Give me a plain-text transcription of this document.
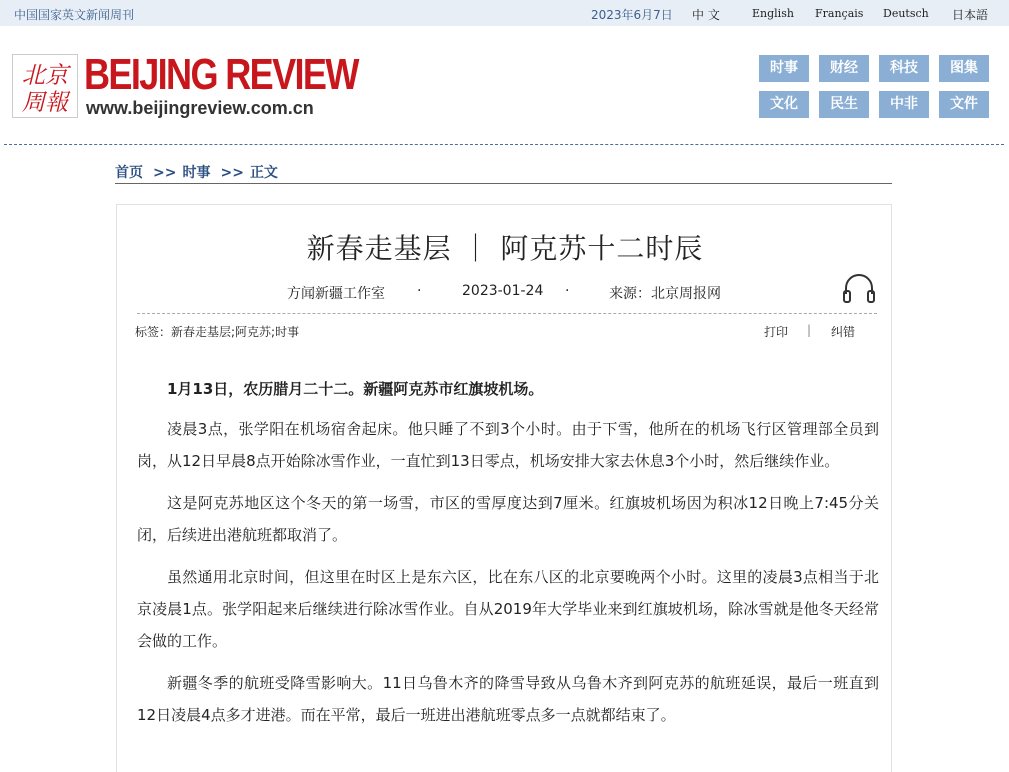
中国国家英文新闻周刊	2023年6月7日 中 文	English Français Deutsch 日本語
北京
周報
BEIJING REVIEW
www.beijingreview.com.cn
时事	财经	科技	图集
文化	民生	中非	文件
首页 >> 时事 >> 正文
新春走基层 ｜ 阿克苏十二时辰
方闻新疆工作室 ·	2023-01-24 ·	来源：北京周报网
标签：新春走基层;阿克苏;时事	打印 | 纠错

1月13日，农历腊月二十二。新疆阿克苏市红旗坡机场。

凌晨3点，张学阳在机场宿舍起床。他只睡了不到3个小时。由于下雪，他所在的机场飞行区管理部全员到岗，从12日早晨8点开始除冰雪作业，一直忙到13日零点，机场安排大家去休息3个小时，然后继续作业。

这是阿克苏地区这个冬天的第一场雪，市区的雪厚度达到7厘米。红旗坡机场因为积冰12日晚上7:45分关闭，后续进出港航班都取消了。

虽然通用北京时间，但这里在时区上是东六区，比在东八区的北京要晚两个小时。这里的凌晨3点相当于北京凌晨1点。张学阳起来后继续进行除冰雪作业。自从2019年大学毕业来到红旗坡机场，除冰雪就是他冬天经常会做的工作。

新疆冬季的航班受降雪影响大。11日乌鲁木齐的降雪导致从乌鲁木齐到阿克苏的航班延误，最后一班直到12日凌晨4点多才进港。而在平常，最后一班进出港航班零点多一点就都结束了。
